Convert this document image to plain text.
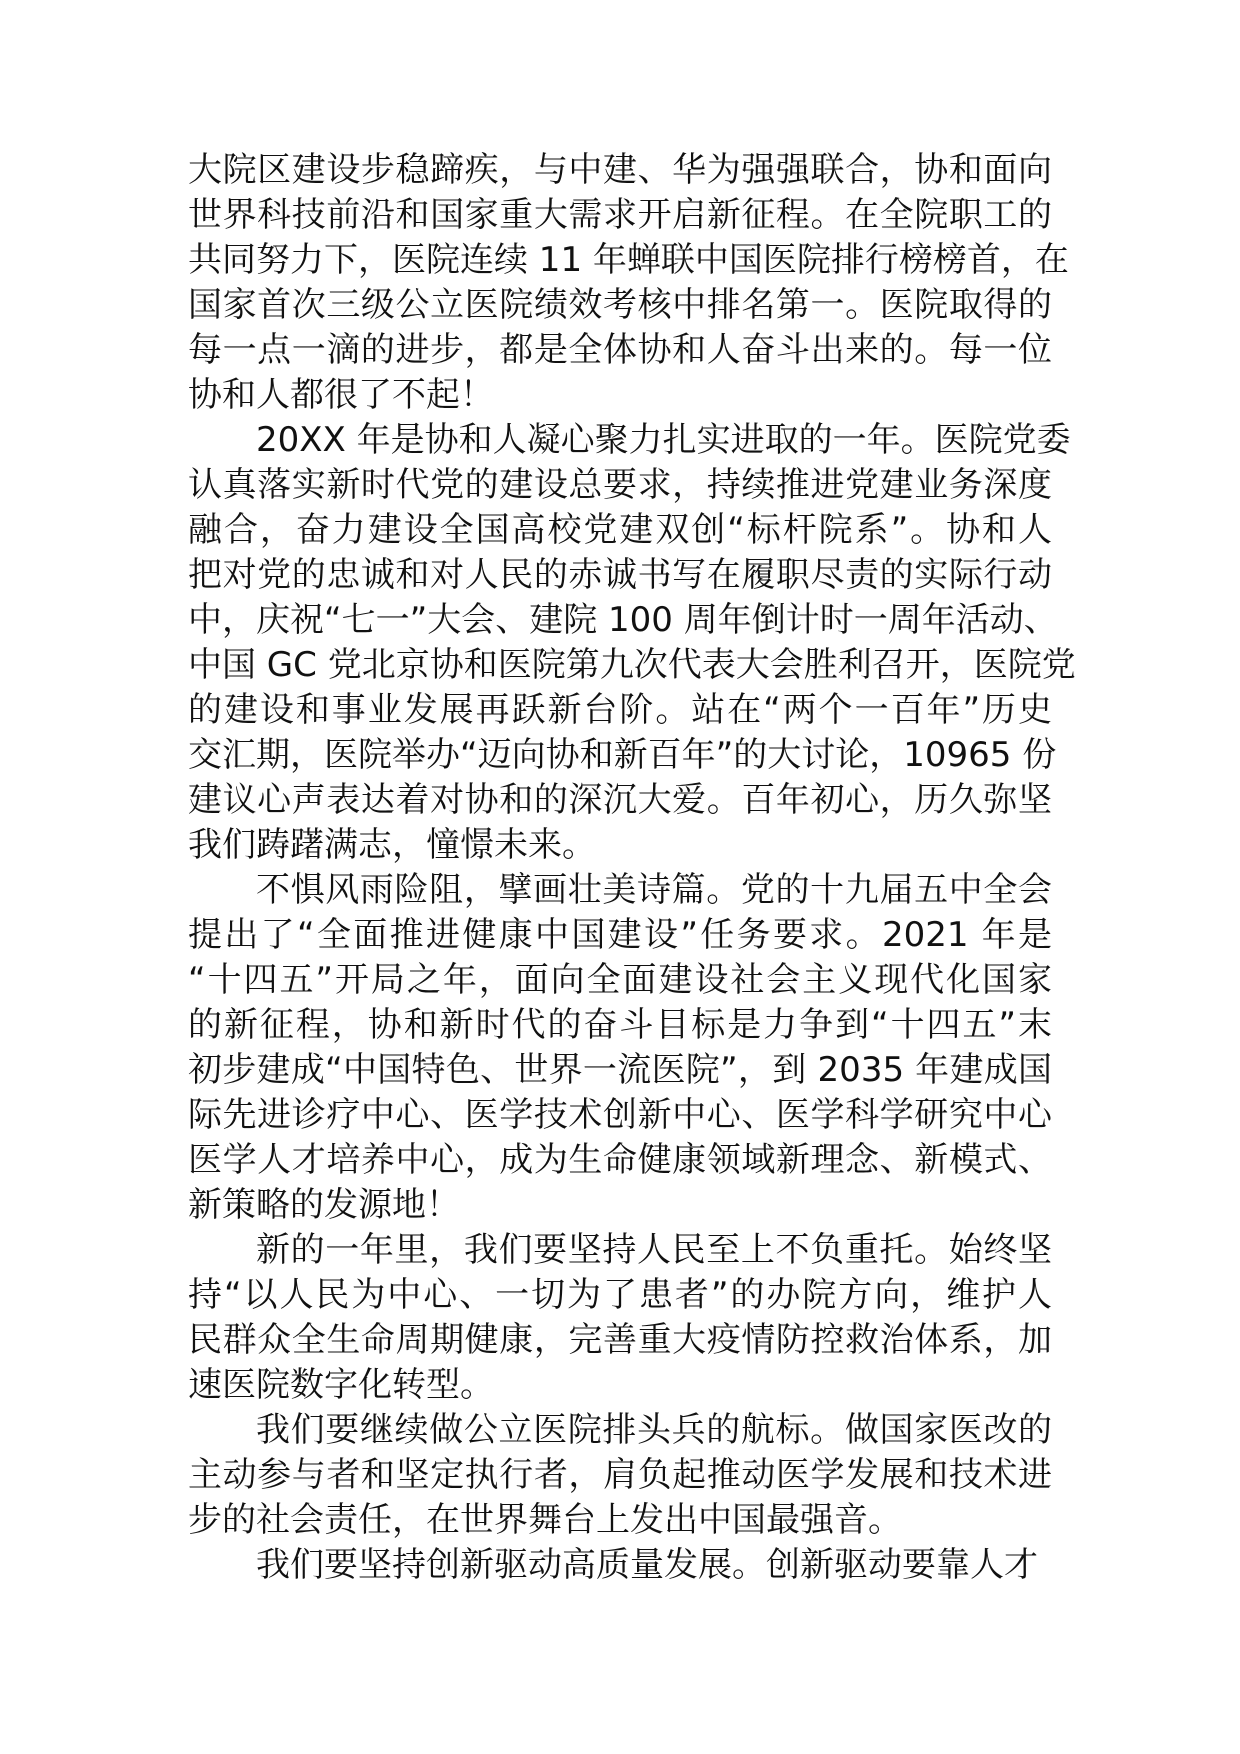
大院区建设步稳蹄疾，与中建、华为强强联合，协和面向
世界科技前沿和国家重大需求开启新征程。在全院职工的
共同努力下，医院连续 11 年蝉联中国医院排行榜榜首，在
国家首次三级公立医院绩效考核中排名第一。医院取得的
每一点一滴的进步，都是全体协和人奋斗出来的。每一位
协和人都很了不起！

20XX 年是协和人凝心聚力扎实进取的一年。医院党委
认真落实新时代党的建设总要求，持续推进党建业务深度
融合，奋力建设全国高校党建双创“标杆院系”。协和人
把对党的忠诚和对人民的赤诚书写在履职尽责的实际行动
中，庆祝“七一”大会、建院 100 周年倒计时一周年活动、
中国 GC 党北京协和医院第九次代表大会胜利召开，医院党
的建设和事业发展再跃新台阶。站在“两个一百年”历史
交汇期，医院举办“迈向协和新百年”的大讨论，10965 份
建议心声表达着对协和的深沉大爱。百年初心，历久弥坚
我们踌躇满志，憧憬未来。

不惧风雨险阻，擘画壮美诗篇。党的十九届五中全会
提出了“全面推进健康中国建设”任务要求。2021 年是
“十四五”开局之年，面向全面建设社会主义现代化国家
的新征程，协和新时代的奋斗目标是力争到“十四五”末
初步建成“中国特色、世界一流医院”，到 2035 年建成国
际先进诊疗中心、医学技术创新中心、医学科学研究中心
医学人才培养中心，成为生命健康领域新理念、新模式、
新策略的发源地！

新的一年里，我们要坚持人民至上不负重托。始终坚
持“以人民为中心、一切为了患者”的办院方向，维护人
民群众全生命周期健康，完善重大疫情防控救治体系，加
速医院数字化转型。

我们要继续做公立医院排头兵的航标。做国家医改的
主动参与者和坚定执行者，肩负起推动医学发展和技术进
步的社会责任，在世界舞台上发出中国最强音。

我们要坚持创新驱动高质量发展。创新驱动要靠人才
